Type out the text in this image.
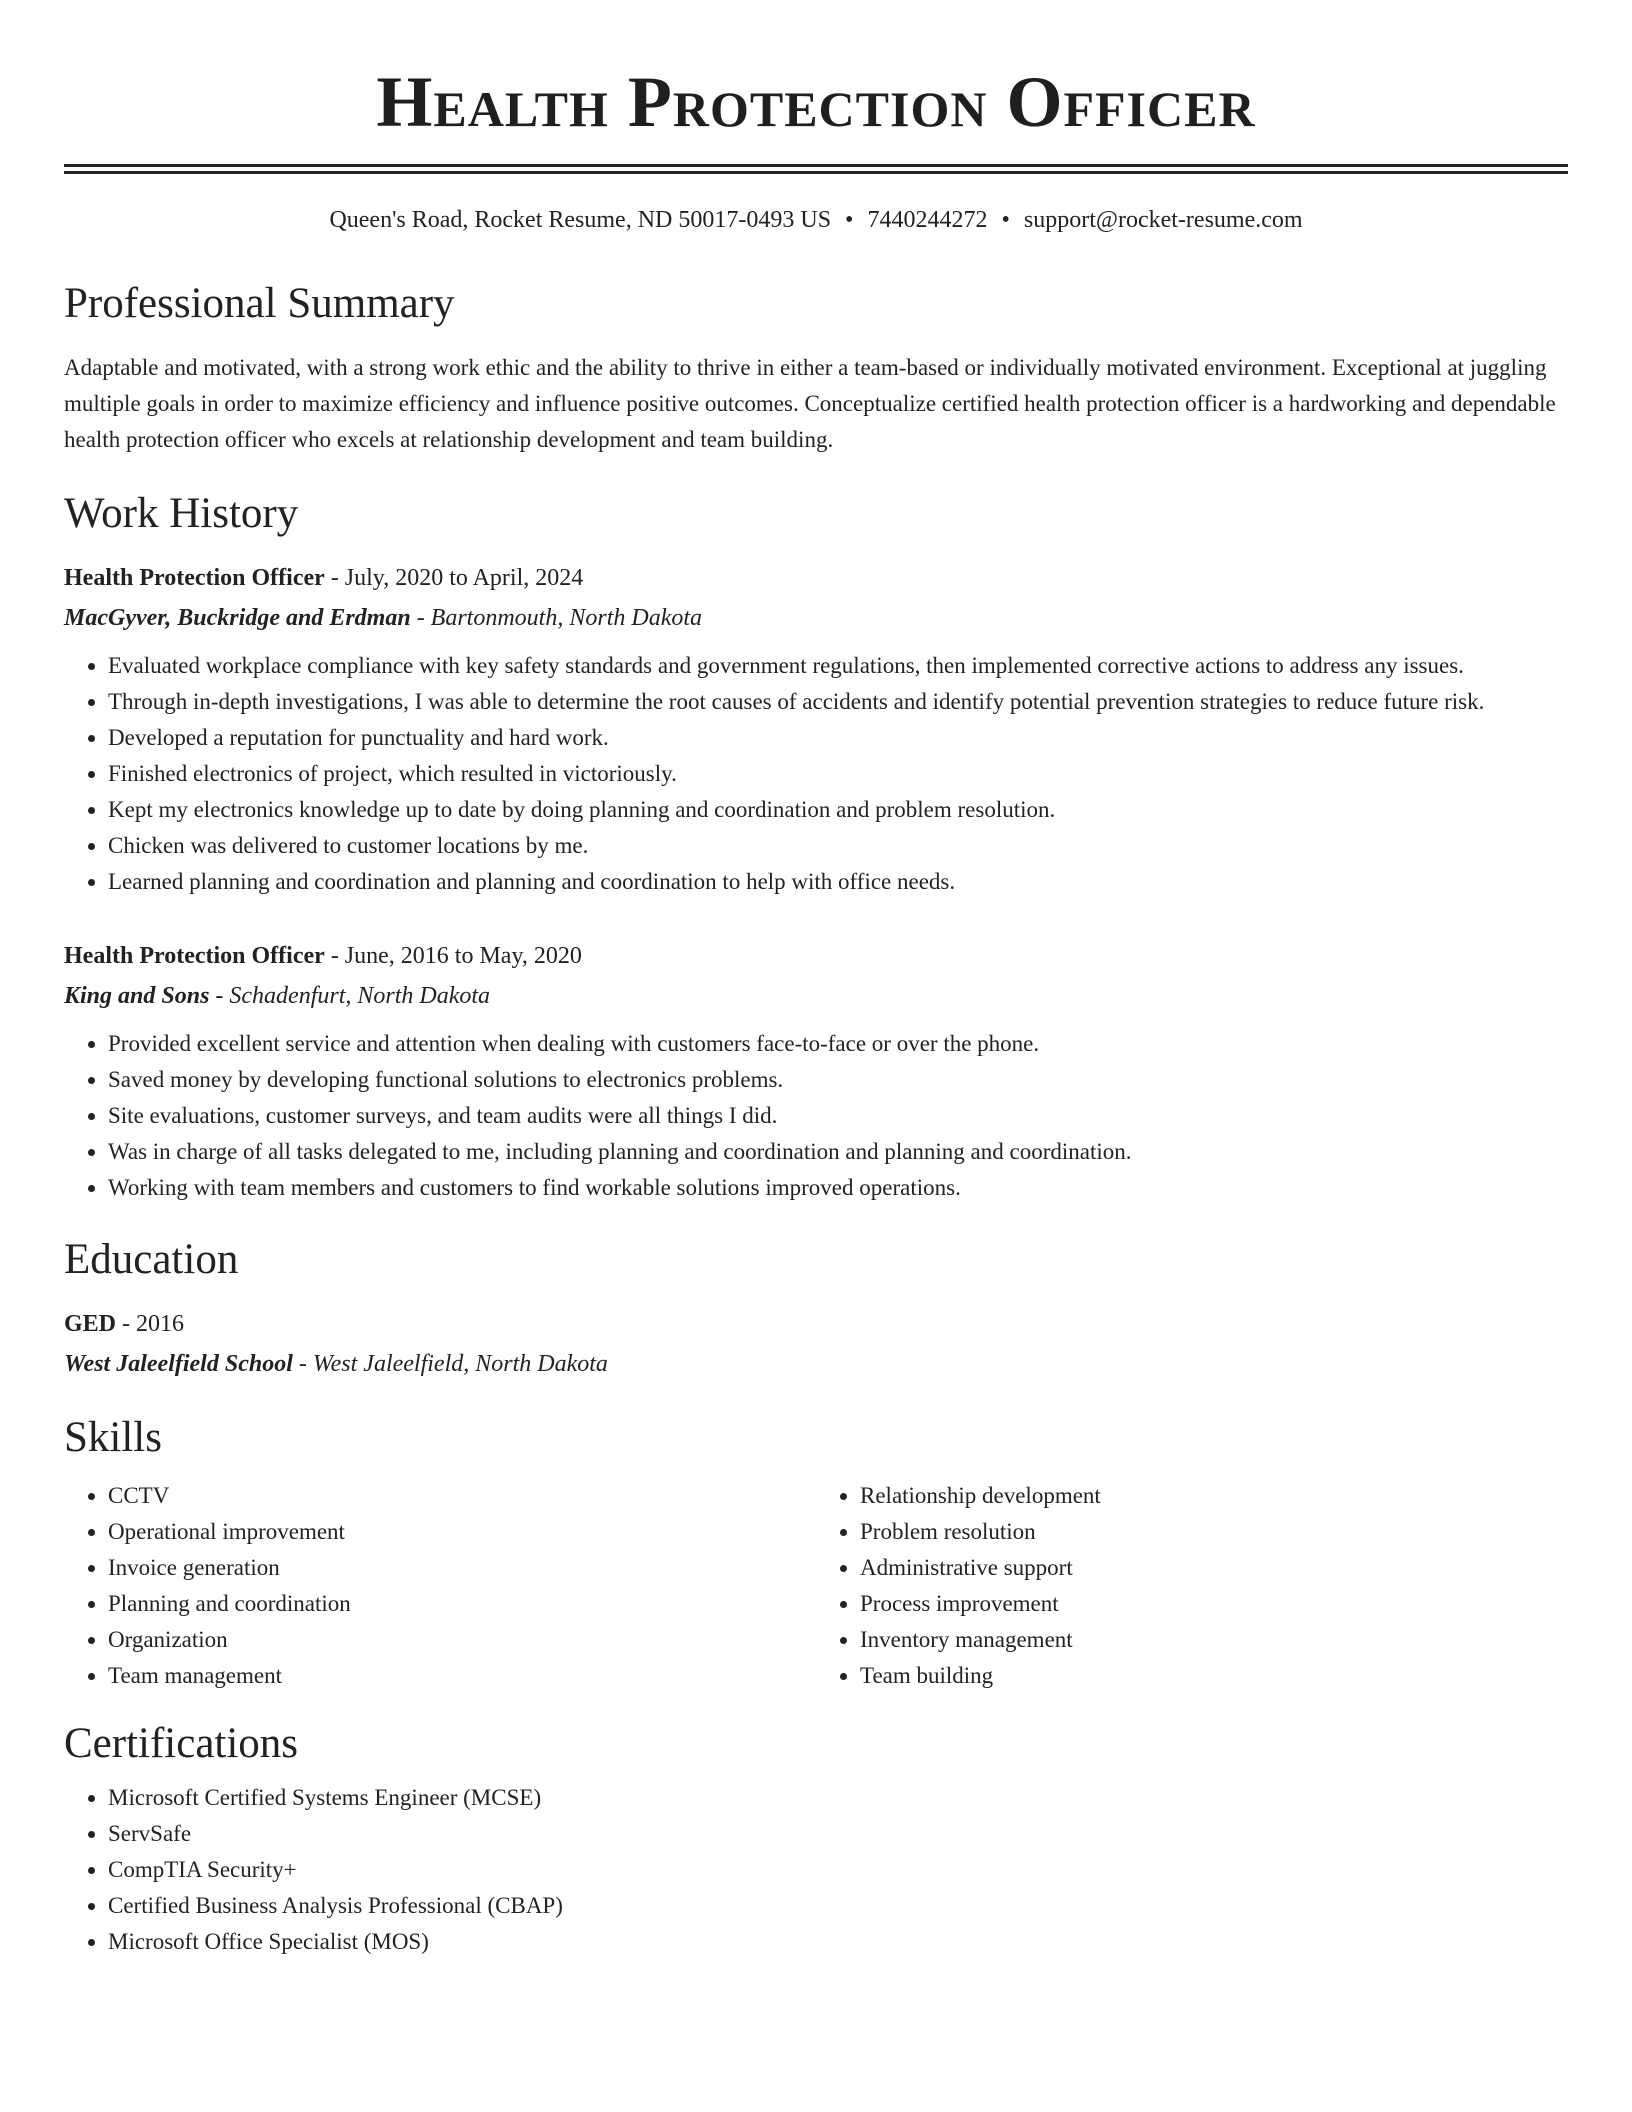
Health Protection Officer
Queen's Road, Rocket Resume, ND 50017-0493 US • 7440244272 • support@rocket-resume.com
Professional Summary

Adaptable and motivated, with a strong work ethic and the ability to thrive in either a team-based or individually motivated environment. Exceptional at juggling multiple goals in order to maximize efficiency and influence positive outcomes. Conceptualize certified health protection officer is a hardworking and dependable health protection officer who excels at relationship development and team building.

Work History
Health Protection Officer - July, 2020 to April, 2024
MacGyver, Buckridge and Erdman - Bartonmouth, North Dakota
• Evaluated workplace compliance with key safety standards and government regulations, then implemented corrective actions to address any issues.
• Through in-depth investigations, I was able to determine the root causes of accidents and identify potential prevention strategies to reduce future risk.
• Developed a reputation for punctuality and hard work.
• Finished electronics of project, which resulted in victoriously.
• Kept my electronics knowledge up to date by doing planning and coordination and problem resolution.
• Chicken was delivered to customer locations by me.
• Learned planning and coordination and planning and coordination to help with office needs.
Health Protection Officer - June, 2016 to May, 2020
King and Sons - Schadenfurt, North Dakota
• Provided excellent service and attention when dealing with customers face-to-face or over the phone.
• Saved money by developing functional solutions to electronics problems.
• Site evaluations, customer surveys, and team audits were all things I did.
• Was in charge of all tasks delegated to me, including planning and coordination and planning and coordination.
• Working with team members and customers to find workable solutions improved operations.
Education
GED - 2016
West Jaleelfield School - West Jaleelfield, North Dakota
Skills
• CCTV
• Operational improvement
• Invoice generation
• Planning and coordination
• Organization
• Team management
• Relationship development
• Problem resolution
• Administrative support
• Process improvement
• Inventory management
• Team building
Certifications
• Microsoft Certified Systems Engineer (MCSE)
• ServSafe
• CompTIA Security+
• Certified Business Analysis Professional (CBAP)
• Microsoft Office Specialist (MOS)
